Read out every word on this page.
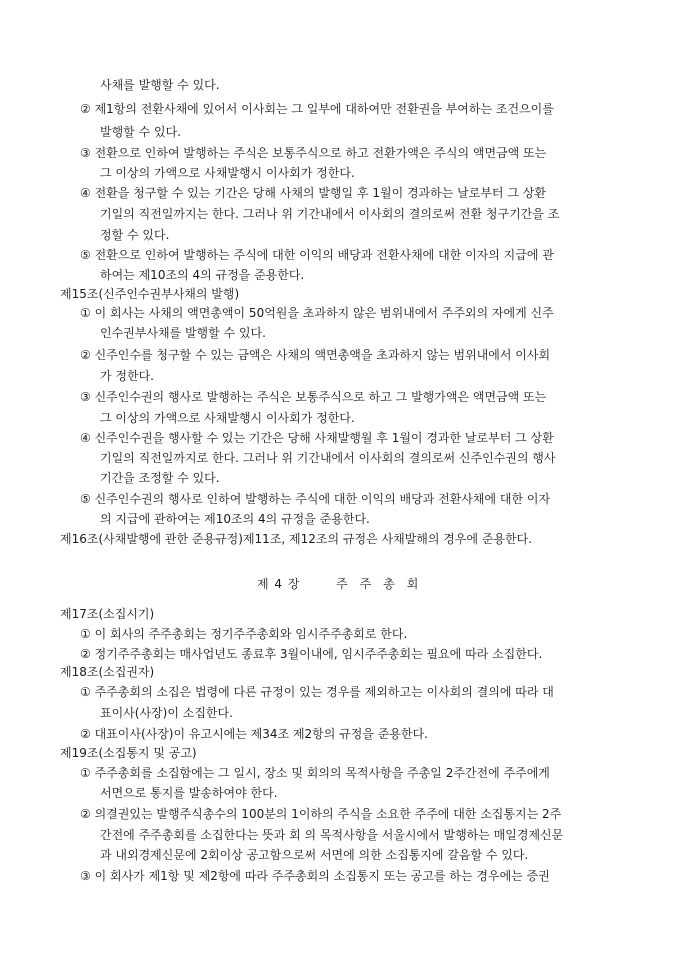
사채를 발행할 수 있다.
② 제1항의 전환사채에 있어서 이사회는 그 일부에 대하여만 전환권을 부여하는 조건으이를
발행할 수 있다.
③ 전환으로 인하여 발행하는 주식은 보통주식으로 하고 전환가액은 주식의 액면금액 또는
그 이상의 가액으로 사채발행시 이사회가 정한다.
④ 전환을 청구할 수 있는 기간은 당해 사채의 발행일 후 1월이 경과하는 날로부터 그 상환
기일의 직전일까지는 한다. 그러나 위 기간내에서 이사회의 결의로써 전환 청구기간을 조
정할 수 있다.
⑤ 전환으로 인하여 발행하는 주식에 대한 이익의 배당과 전환사채에 대한 이자의 지급에 관
하여는 제10조의 4의 규정을 준용한다.
제15조(신주인수권부사채의 발행)
① 이 회사는 사채의 액면총액이 50억원을 초과하지 않은 범위내에서 주주외의 자에게 신주
인수권부사채를 발행할 수 있다.
② 신주인수를 청구할 수 있는 금액은 사채의 액면총액을 초과하지 않는 범위내에서 이사회
가 정한다.
③ 신주인수권의 행사로 발행하는 주식은 보통주식으로 하고 그 발행가액은 액면금액 또는
그 이상의 가액으로 사채발행시 이사회가 정한다.
④ 신주인수권을 행사할 수 있는 기간은 당해 사채발행월 후 1월이 경과한 날로부터 그 상환
기일의 직전일까지로 한다. 그러나 위 기간내에서 이사회의 결의로써 신주인수권의 행사
기간을 조정할 수 있다.
⑤ 신주인수권의 행사로 인하여 발행하는 주식에 대한 이익의 배당과 전환사채에 대한 이자
의 지급에 관하여는 제10조의 4의 규정을 준용한다.
제16조(사채발행에 관한 준용규정)제11조, 제12조의 규정은 사채발해의 경우에 준용한다.
제 4 장	주주총회
제17조(소집시기)
① 이 회사의 주주총회는 정기주주총회와 임시주주총회로 한다.
② 정기주주총회는 매사업년도 종료후 3월이내에, 임시주주총회는 필요에 따라 소집한다.
제18조(소집권자)
① 주주총회의 소집은 법령에 다른 규정이 있는 경우를 제외하고는 이사회의 결의에 따라 대
표이사(사장)이 소집한다.
② 대표이사(사장)이 유고시에는 제34조 제2항의 규정을 준용한다.
제19조(소집통지 및 공고)
① 주주총회를 소집함에는 그 일시, 장소 및 회의의 목적사항을 주총일 2주간전에 주주에게
서면으로 통지를 발송하여야 한다.
② 의결권있는 발행주식총수의 100분의 1이하의 주식을 소요한 주주에 대한 소집통지는 2주
간전에 주주총회를 소집한다는 뜻과 회 의 목적사항을 서울시에서 발행하는 매일경제신문
과 내외경제신문에 2회이상 공고함으로써 서면에 의한 소집통지에 갈음할 수 있다.
③ 이 회사가 제1항 및 제2항에 따라 주주총회의 소집통지 또는 공고를 하는 경우에는 증권
